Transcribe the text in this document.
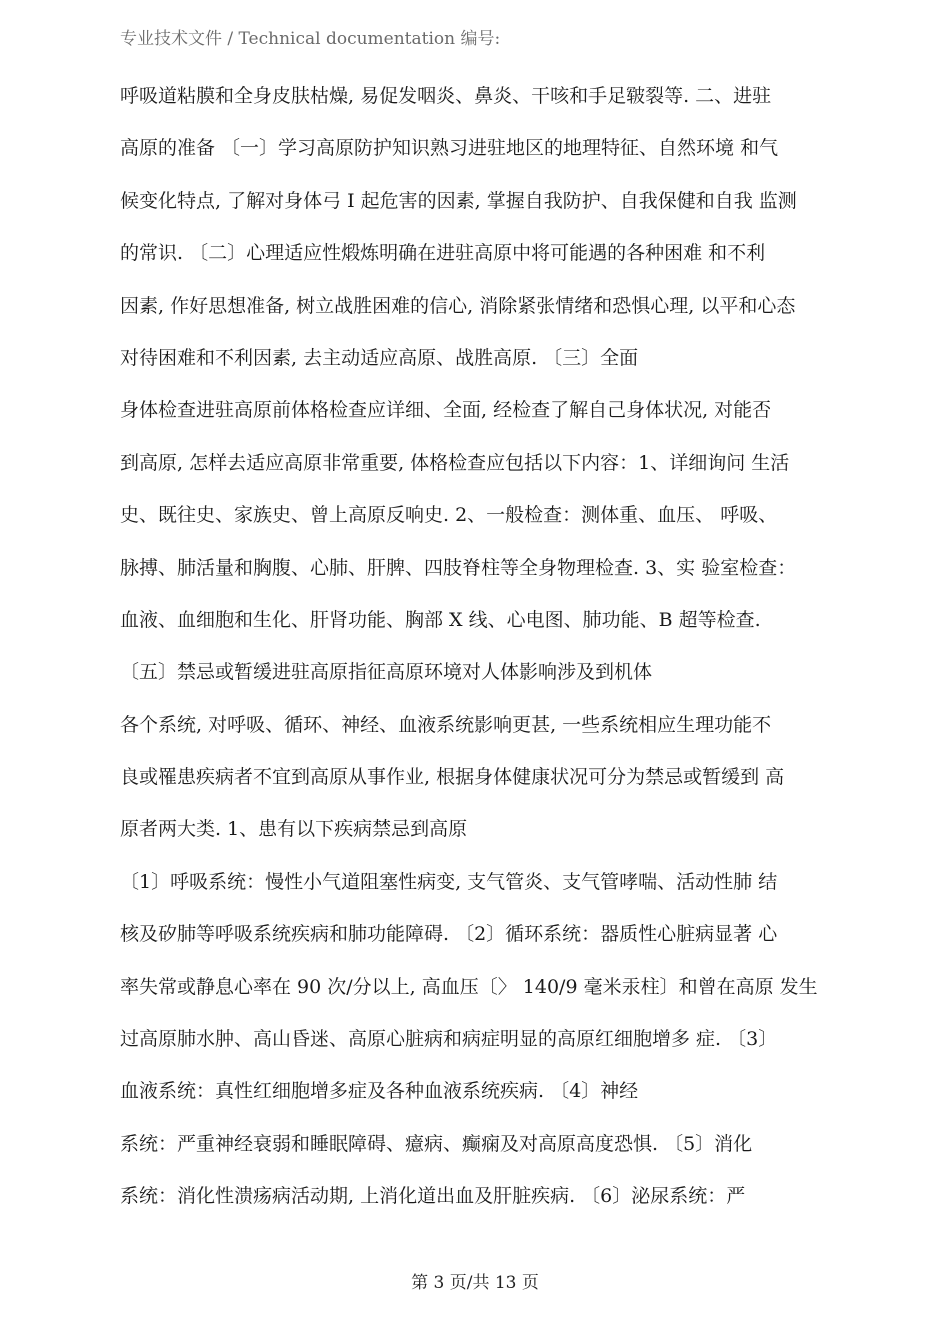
专业技术文件 / Technical documentation 编号:
呼吸道粘膜和全身皮肤枯燥, 易促发咽炎、鼻炎、干咳和手足皲裂等. 二、进驻
高原的准备 〔一〕学习高原防护知识熟习进驻地区的地理特征、自然环境 和气
候变化特点, 了解对身体弓 I 起危害的因素, 掌握自我防护、自我保健和自我 监测
的常识. 〔二〕心理适应性煅炼明确在进驻高原中将可能遇的各种困难 和不利
因素, 作好思想准备, 树立战胜困难的信心, 消除紧张情绪和恐惧心理, 以平和心态
对待困难和不利因素, 去主动适应高原、战胜高原. 〔三〕全面
身体检查进驻高原前体格检查应详细、全面, 经检查了解自己身体状况, 对能否
到高原, 怎样去适应高原非常重要, 体格检查应包括以下内容：1、详细询问 生活
史、既往史、家族史、曾上高原反响史. 2、一般检查：测体重、血压、 呼吸、
脉搏、肺活量和胸腹、心肺、肝脾、四肢脊柱等全身物理检查. 3、实 验室检查：
血液、血细胞和生化、肝肾功能、胸部 X 线、心电图、肺功能、B 超等检查.
〔五〕禁忌或暂缓进驻高原指征高原环境对人体影响涉及到机体
各个系统, 对呼吸、循环、神经、血液系统影响更甚, 一些系统相应生理功能不
良或罹患疾病者不宜到高原从事作业, 根据身体健康状况可分为禁忌或暂缓到 高
原者两大类. 1、患有以下疾病禁忌到高原
〔1〕呼吸系统：慢性小气道阻塞性病变, 支气管炎、支气管哮喘、活动性肺 结
核及矽肺等呼吸系统疾病和肺功能障碍. 〔2〕循环系统：器质性心脏病显著 心
率失常或静息心率在 90 次/分以上, 高血压〔〉 140/9 毫米汞柱〕和曾在高原 发生
过高原肺水肿、高山昏迷、高原心脏病和病症明显的高原红细胞增多 症. 〔3〕
血液系统：真性红细胞增多症及各种血液系统疾病. 〔4〕神经
系统：严重神经衰弱和睡眠障碍、癔病、癫痫及对高原高度恐惧. 〔5〕消化
系统：消化性溃疡病活动期, 上消化道出血及肝脏疾病. 〔6〕泌尿系统：严
第 3 页/共 13 页
